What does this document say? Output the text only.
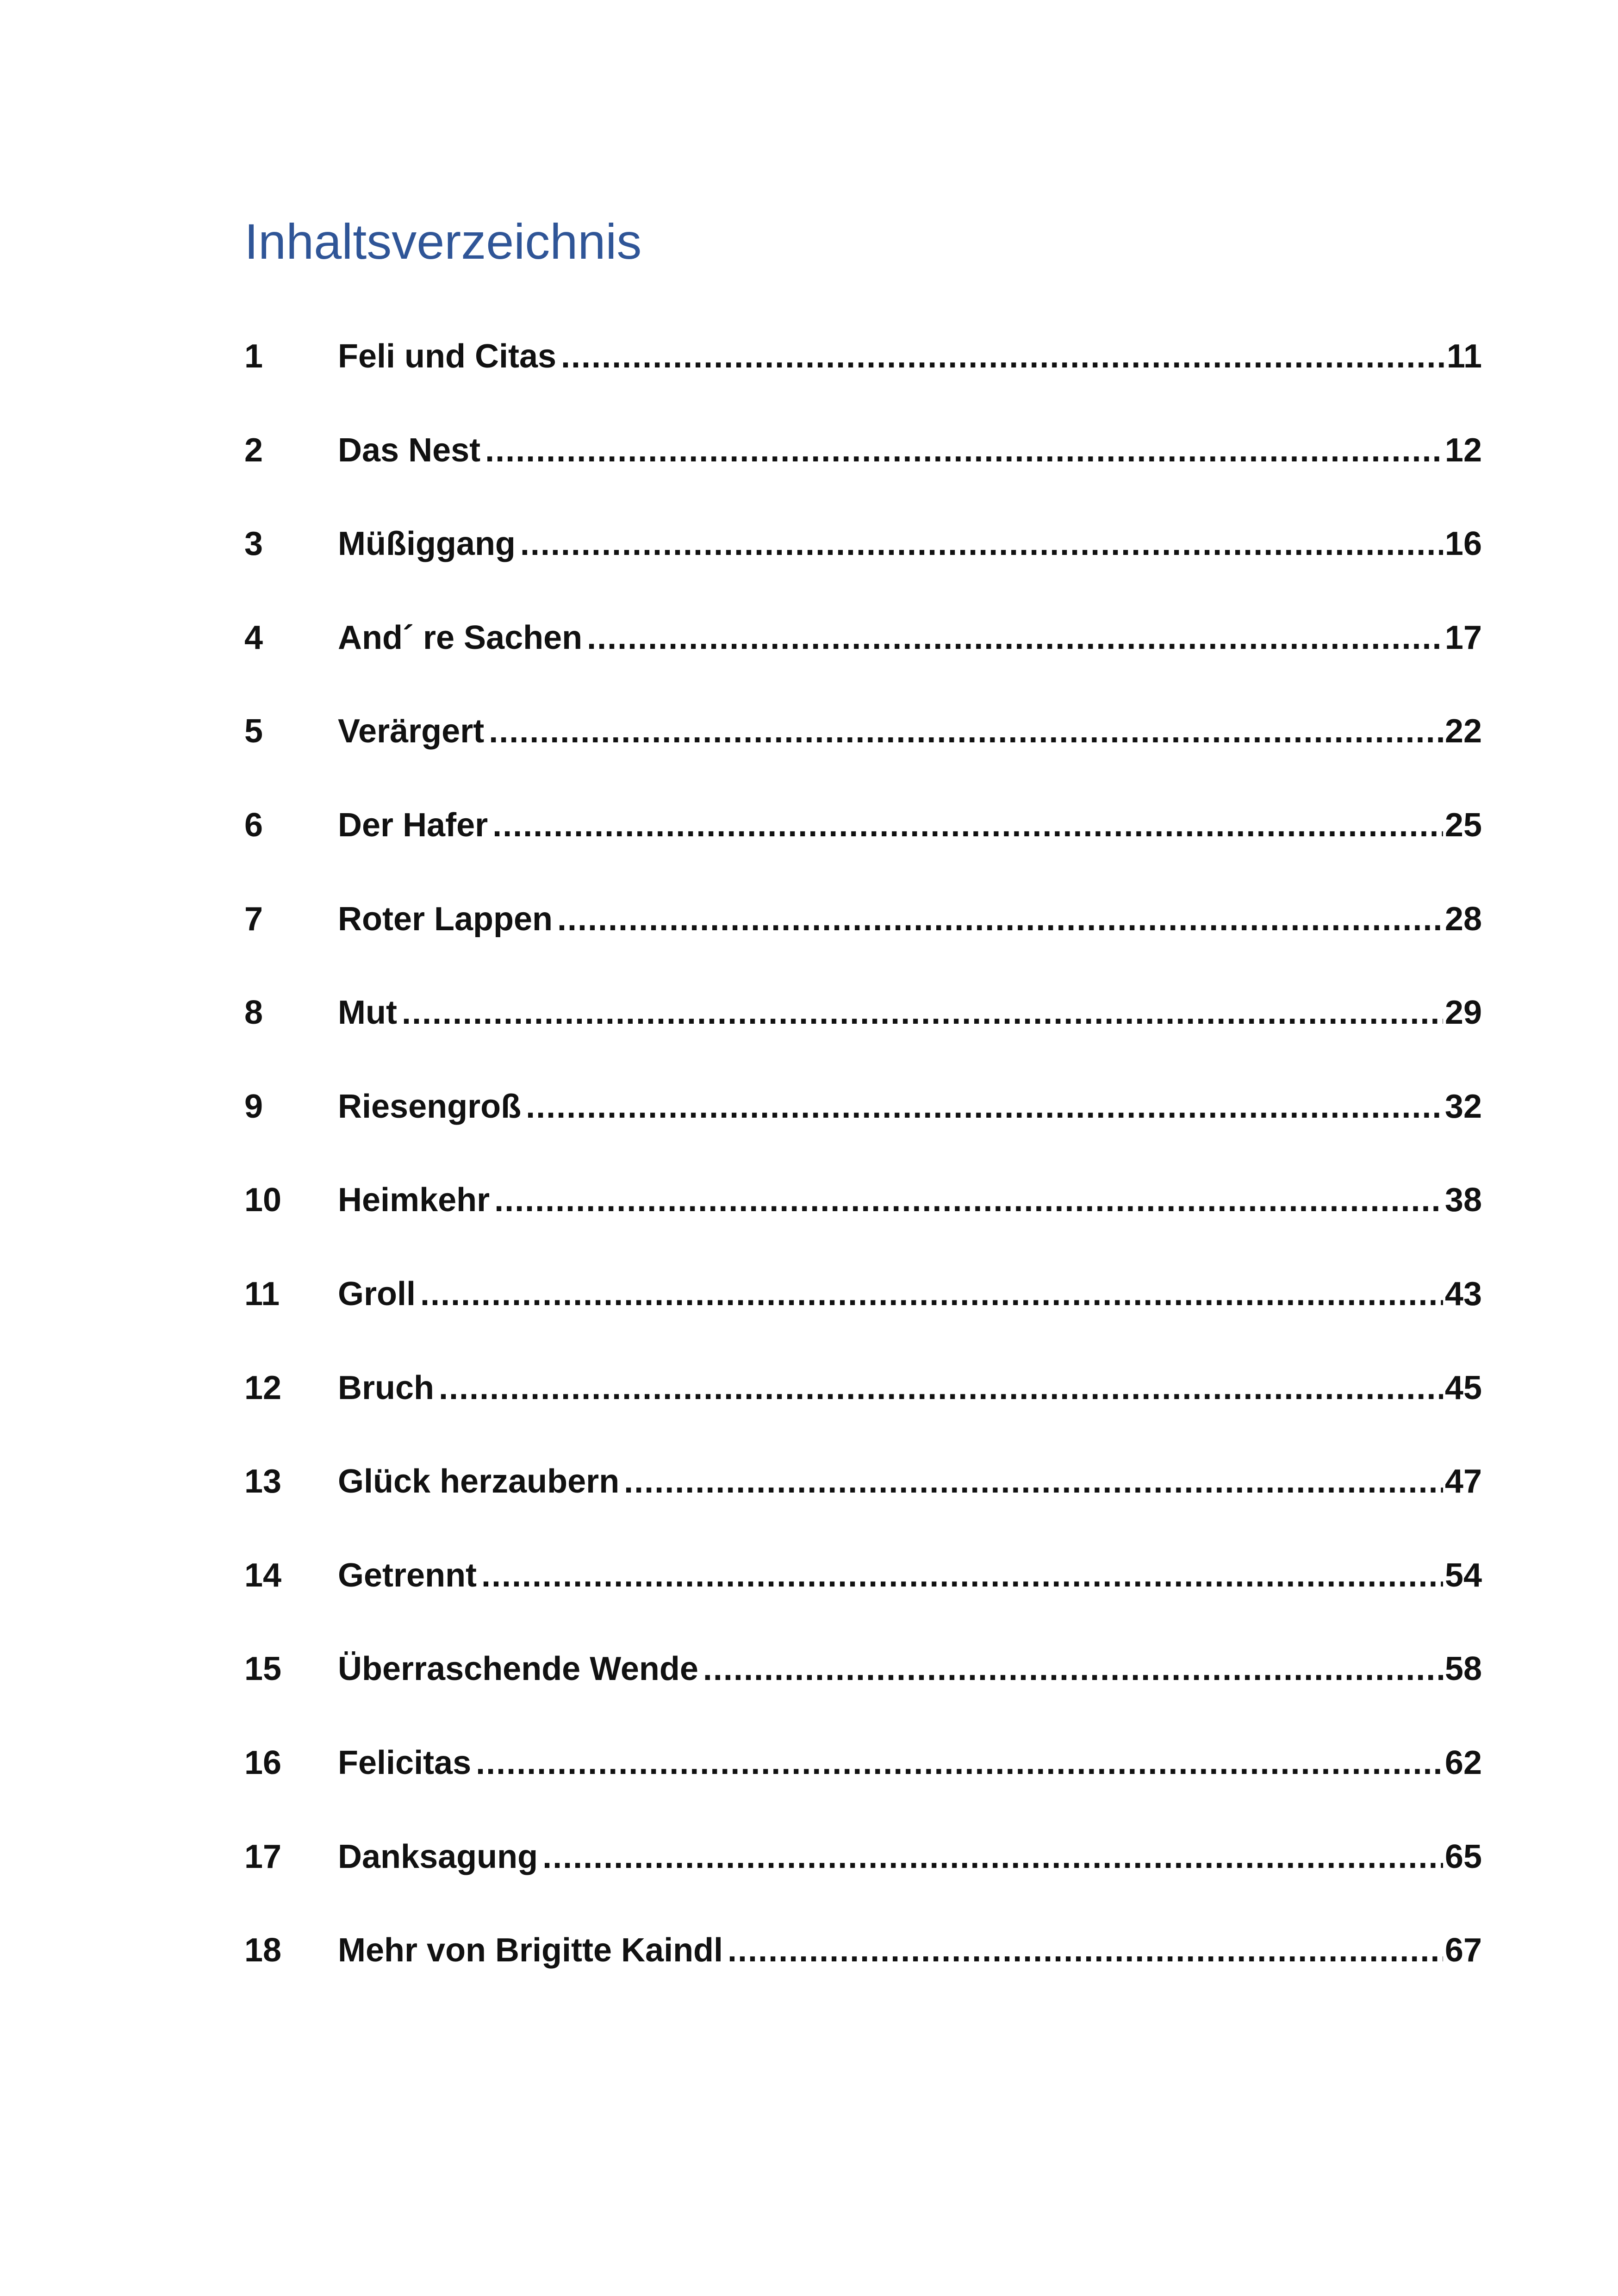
Inhaltsverzeichnis
1	Feli und Citas .....	11
2	Das Nest .....	12
3	Müßiggang .....	16
4	And´ re Sachen .....	17
5	Verärgert .....	22
6	Der Hafer .....	25
7	Roter Lappen .....	28
8	Mut .....	29
9	Riesengroß .....	32
10	Heimkehr .....	38
11	Groll .....	43
12	Bruch .....	45
13	Glück herzaubern .....	47
14	Getrennt .....	54
15	Überraschende Wende .....	58
16	Felicitas .....	62
17	Danksagung .....	65
18	Mehr von Brigitte Kaindl .....	67
